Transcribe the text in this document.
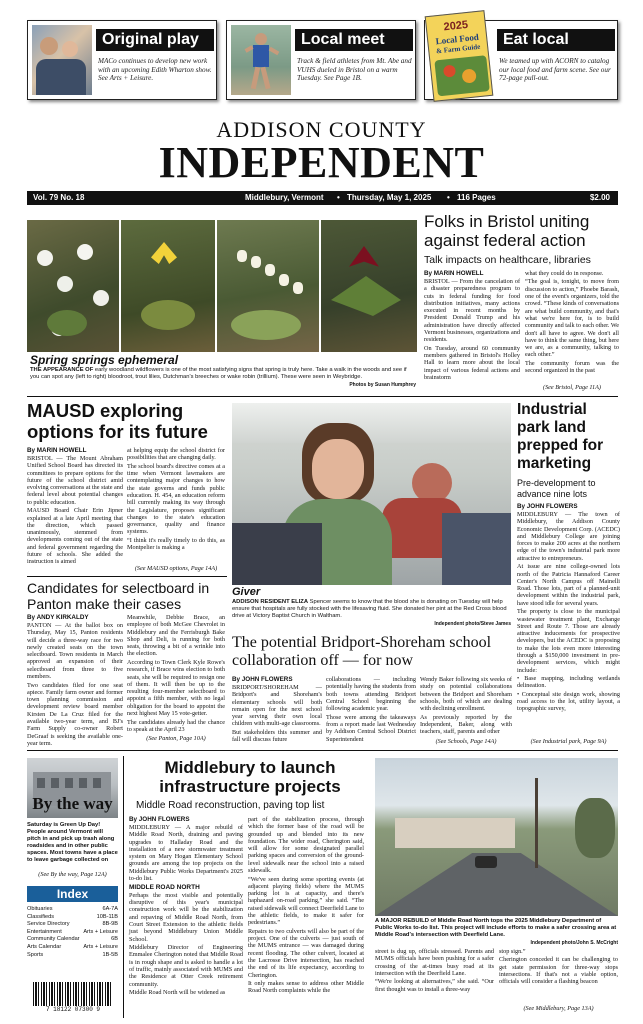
Original play
MACo continues to develop new work with an upcoming Edith Wharton show. See Arts + Leisure.
Local meet
Track & field athletes from Mt. Abe and VUHS dueled in Bristol on a warm Tuesday. See Page 1B.
2025
Local Food
& Farm Guide
Eat local
We teamed up with ACORN to catalog our local food and farm scene. See our 72-page pull-out.
ADDISON COUNTY
INDEPENDENT
Vol. 79 No. 18	Middlebury, Vermont • Thursday, May 1, 2025 • 116 Pages	$2.00
Spring springs ephemeral
THE APPEARANCE OF early woodland wildflowers is one of the most satisfying signs that spring is truly here. Take a walk in the woods and see if you can spot any (left to right) bloodroot, trout lilies, Dutchman's breeches or wake robin (trillium). These were seen in Weybridge.
Photos by Susan Humphrey
Folks in Bristol uniting against federal action
Talk impacts on healthcare, libraries
By MARIN HOWELL

BRISTOL — From the cancelation of a disaster preparedness program to cuts in federal funding for food distribution initiatives, many actions executed in recent months by President Donald Trump and his administration have directly affected Vermont businesses, organizations and residents.

On Tuesday, around 60 community members gathered in Bristol's Holley Hall to learn more about the local impact of various federal actions and brainstorm

what they could do in response.

“The goal is, tonight, to move from discussion to action,” Phoebe Barash, one of the event's organizers, told the crowd. “These kinds of conversations are what build community, and that's what we're here for, is to build community and talk to each other. We don't all have to agree. We don't all have to think the same thing, but here we are, as a community, talking to each other.”

The community forum was the second organized in the past

(See Bristol, Page 11A)
MAUSD exploring options for its future
By MARIN HOWELL

BRISTOL — The Mount Abraham Unified School Board has directed its committees to prepare options for the future of the school district amid evolving conversations at the state and federal level about potential changes to public education.

MAUSD Board Chair Erin Jipner explained at a late April meeting that the direction, which passed unanimously, stemmed from developments coming out of the state and federal government regarding the future of schools. She added the instruction is aimed

at helping equip the school district for possibilities that are changing daily.

The school board's directive comes at a time when Vermont lawmakers are contemplating major changes to how the state governs and funds public education. H. 454, an education reform bill currently making its way through the Legislature, proposes significant changes to the state's education governance, quality and finance systems.

“I think it's really timely to do this, as Montpelier is making a

(See MAUSD options, Page 14A)
Candidates for selectboard in Panton make their cases
By ANDY KIRKALDY

PANTON — At the ballot box on Thursday, May 15, Panton residents will decide a three-way race for two newly created seats on the town selectboard. Town residents in March approved an expansion of their selectboard from three to five members.

Two candidates filed for one seat apiece. Family farm owner and former town planning commission and development review board member Kirsten De La Cruz filed for the available two-year term, and BJ's Farm Supply co-owner Robert DeGraaf is seeking the available one-year term.

Meanwhile, Debbie Brace, an employee of both McGee Chevrolet in Middlebury and the Ferrisburgh Bake Shop and Deli, is running for both seats, throwing a bit of a wrinkle into the election.

According to Town Clerk Kyle Rowe's research, if Brace wins election to both seats, she will be required to resign one of them. It will then be up to the resulting four-member selectboard to appoint a fifth member, with no legal obligation for the board to appoint the next highest May 15 vote-getter.

The candidates already had the chance to speak at the April 23

(See Panton, Page 10A)
Giver
ADDISON RESIDENT ELIZA Spencer seems to know that the blood she is donating on Tuesday will help ensure that hospitals are fully stocked with the lifesaving fluid. She donated her pint at the Red Cross blood drive at Victory Baptist Church in Waltham.
Independent photo/Steve James
Industrial park land prepped for marketing
Pre-development to advance nine lots
By JOHN FLOWERS

MIDDLEBURY — The town of Middlebury, the Addison County Economic Development Corp. (ACEDC) and Middlebury College are joining forces to make 200 acres at the northern edge of the town's industrial park more attractive to entrepreneurs.

At issue are nine college-owned lots north of the Patricia Hannaford Career Center's North Campus off Mainelli Road. Those lots, part of a planned-unit development within the industrial park, have stood idle for several years.

The property is close to the municipal wastewater treatment plant, Exchange Street and Route 7. Those are already attractive inducements for prospective developers, but the ACEDC is proposing to make the lots even more interesting through a $150,000 investment in pre-development services, which might include:

• Base mapping, including wetlands delineation.

• Conceptual site design work, showing road access to the lot, utility layout, a topographic survey,

(See Industrial park, Page 9A)
The potential Bridport-Shoreham school collaboration off — for now
By JOHN FLOWERS

BRIDPORT/SHOREHAM — Bridport's and Shoreham's elementary schools will both remain open for the next school year serving their own local children with multi-age classrooms.

But stakeholders this summer and fall will discuss future

collaborations — including potentially having the students from both towns attending Bridport Central School beginning the following academic year.

Those were among the takeaways from a report made last Wednesday by Addison Central School District Superintendent

Wendy Baker following six weeks of study on potential collaborations between the Bridport and Shoreham schools, both of which are dealing with declining enrollment.

As previously reported by the Independent, Baker, along with teachers, staff, parents and other

(See Schools, Page 14A)
By the way
Saturday is Green Up Day! People around Vermont will pitch in and pick up trash along roadsides and in other public spaces. Most towns have a place to leave garbage collected on
(See By the way, Page 12A)
Index
Obituaries	6A-7A
Classifieds	10B-11B
Service Directory	8B-9B
Entertainment	Arts + Leisure
Community Calendar	6B
Arts Calendar	Arts + Leisure
Sports	1B-5B
7 18122 07300 9
Middlebury to launch infrastructure projects
Middle Road reconstruction, paving top list
By JOHN FLOWERS

MIDDLEBURY — A major rebuild of Middle Road North, draining and paving upgrades to Halladay Road and the installation of a new stormwater treatment system on Mary Hogan Elementary School grounds are among the top projects on the Middlebury Public Works Department's 2025 to-do list.

MIDDLE ROAD NORTH

Perhaps the most visible and potentially disruptive of this year's municipal construction work will be the stabilization and repaving of Middle Road North, from Court Street Extension to the athletic fields just beyond Middlebury Union Middle School.

Middlebury Director of Engineering Emmalee Cherington noted that Middle Road is in rough shape and is asked to handle a lot of traffic, mainly associated with MUMS and the Residence at Otter Creek retirement community.

Middle Road North will be widened as

part of the stabilization process, through which the former base of the road will be grounded up and blended into its new foundation. The wider road, Cherington said, will allow for some designated parallel parking spaces and conversion of the ground-level sidewalk near the school into a raised sidewalk.

“We've seen during some sporting events (at adjacent playing fields) where the MUMS parking lot is at capacity, and there's haphazard on-road parking,” she said. “The raised sidewalk will connect Deerfield Lane to the athletic fields, to make it safer for pedestrians.”

Repairs to two culverts will also be part of the project. One of the culverts — just south of the MUMS entrance — was damaged during recent flooding. The other culvert, located at the Lacrosse Drive intersection, has reached the end of its life expectancy, according to Cherington.

It only makes sense to address other Middle Road North complaints while the

A MAJOR REBUILD of Middle Road North tops the 2025 Middlebury Department of Public Works to-do list. This project will include efforts to make a safer crossing area at Middle Road's intersection with Deerfield Lane.
Independent photo/John S. McCright

street is dug up, officials stressed. Parents and MUMS officials have been pushing for a safer crossing of the at-times busy road at its intersection with the Deerfield Lane.

“We're looking at alternatives,” she said. “Our first thought was to install a three-way

stop sign.”

Cherington conceded it can be challenging to get state permission for three-way stops intersections. If that's not a viable option, officials will consider a flashing beacon

(See Middlebury, Page 13A)
